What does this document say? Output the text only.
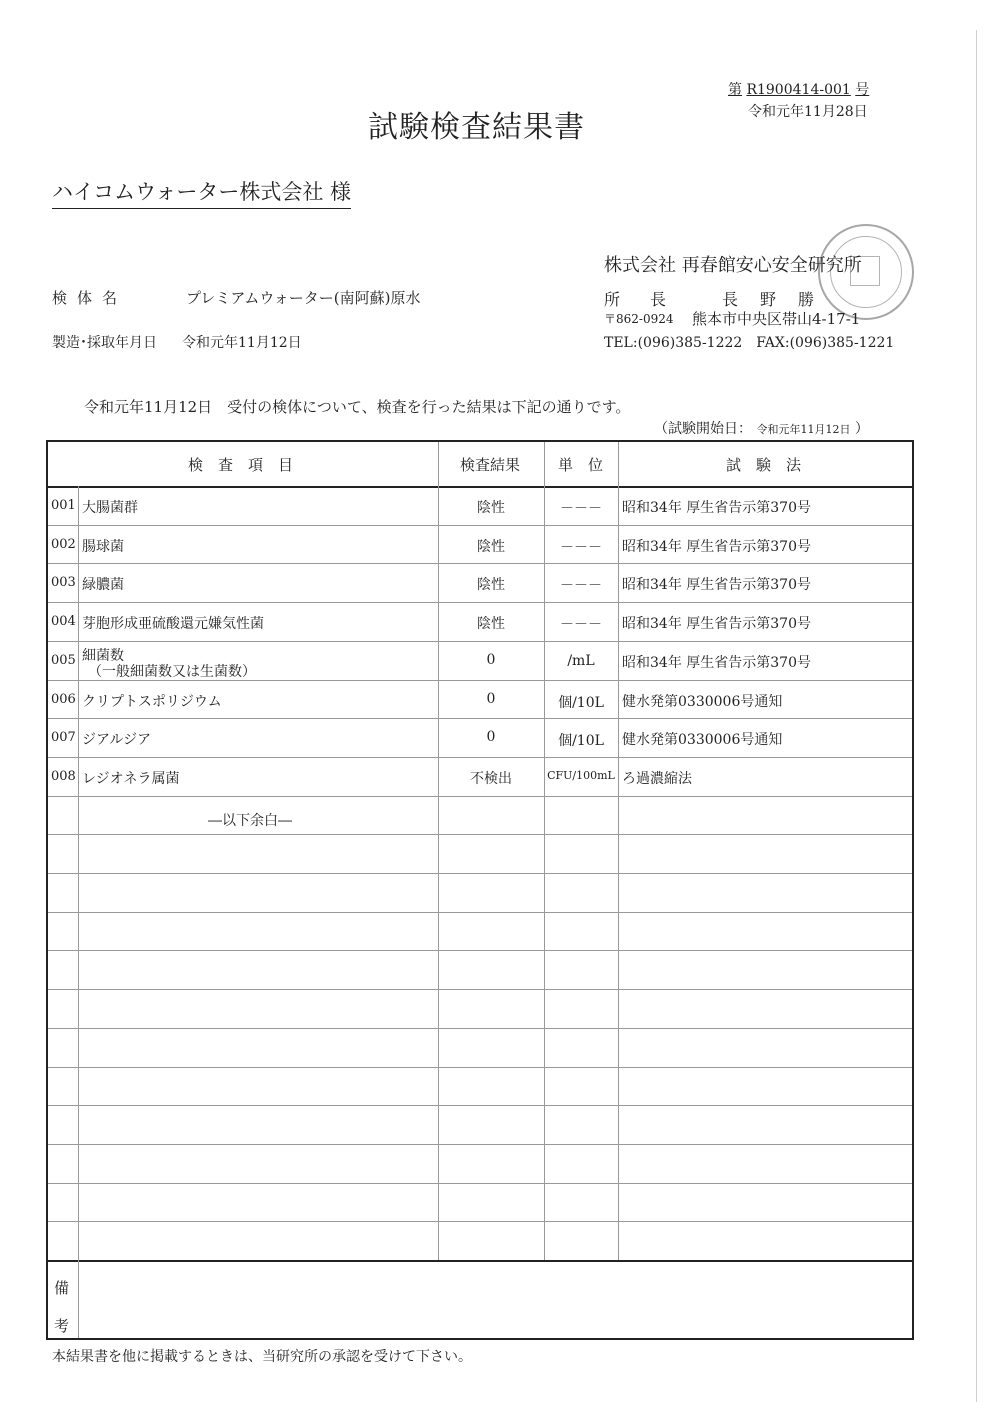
第 R1900414-001 号
令和元年11月28日
試験検査結果書
ハイコムウォーター株式会社 様
検体名	プレミアムウォーター(南阿蘇)原水
製造･採取年月日 令和元年11月12日
株式会社 再春館安心安全研究所
所長 長野勝
〒862-0924 熊本市中央区帯山4-17-1
TEL:(096)385-1222　FAX:(096)385-1221
令和元年11月12日　受付の検体について、検査を行った結果は下記の通りです。
（試験開始日： 令和元年11月12日 ）
検　査　項　目	検査結果	単　位	試　験　法
001 大腸菌群	陰性	－－－	昭和34年 厚生省告示第370号
002 腸球菌	陰性	－－－	昭和34年 厚生省告示第370号
003 緑膿菌	陰性	－－－	昭和34年 厚生省告示第370号
004 芽胞形成亜硫酸還元嫌気性菌	陰性	－－－	昭和34年 厚生省告示第370号
005 細菌数
（一般細菌数又は生菌数）
0	/mL	昭和34年 厚生省告示第370号
006 クリプトスポリジウム	0	個/10L	健水発第0330006号通知
007 ジアルジア	0	個/10L	健水発第0330006号通知
008 レジオネラ属菌	不検出	CFU/100mL ろ過濃縮法
―以下余白―
備
考
本結果書を他に掲載するときは、当研究所の承認を受けて下さい。
